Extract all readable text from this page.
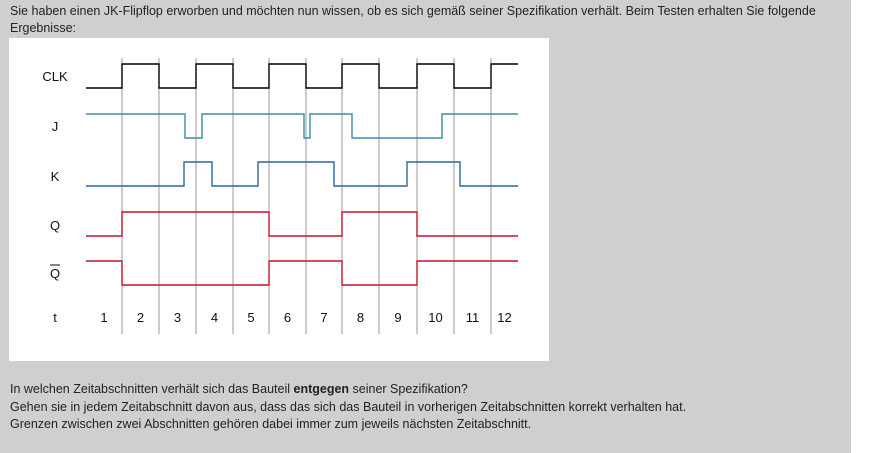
Sie haben einen JK-Flipflop erworben und möchten nun wissen, ob es sich gemäß seiner Spezifikation verhält. Beim Testen erhalten Sie folgende Ergebnisse:

CLK
J
K
Q
Q
t	1 2 3 4 5 6 7 8 9 10 11 12

In welchen Zeitabschnitten verhält sich das Bauteil entgegen seiner Spezifikation?

Gehen sie in jedem Zeitabschnitt davon aus, dass das sich das Bauteil in vorherigen Zeitabschnitten korrekt verhalten hat.

Grenzen zwischen zwei Abschnitten gehören dabei immer zum jeweils nächsten Zeitabschnitt.
